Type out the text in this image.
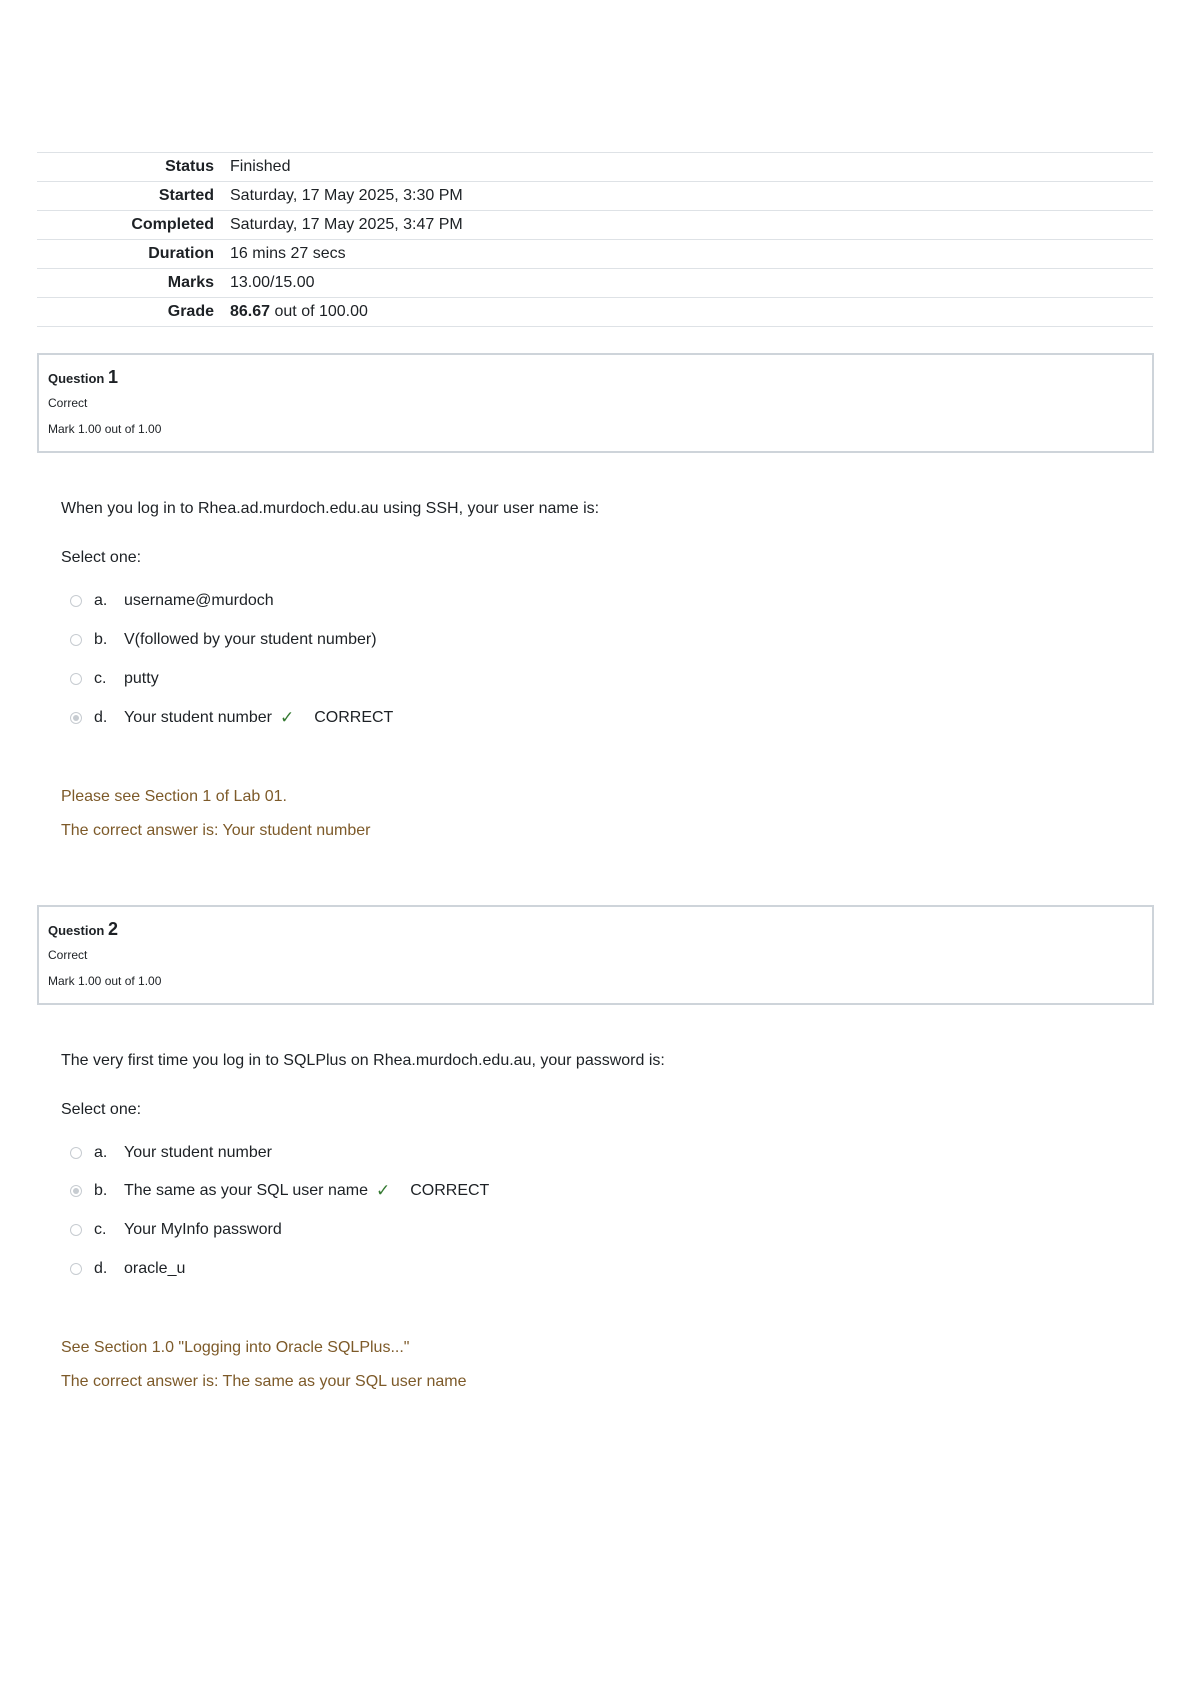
Status	Finished
Started	Saturday, 17 May 2025, 3:30 PM
Completed	Saturday, 17 May 2025, 3:47 PM
Duration	16 mins 27 secs
Marks	13.00/15.00
Grade	86.67 out of 100.00
Question 1
Correct
Mark 1.00 out of 1.00
When you log in to Rhea.ad.murdoch.edu.au using SSH, your user name is:
Select one:
a.	username@murdoch
b.	V(followed by your student number)
c.	putty
d.	Your student number ✓ CORRECT
Please see Section 1 of Lab 01.
The correct answer is: Your student number
Question 2
Correct
Mark 1.00 out of 1.00
The very first time you log in to SQLPlus on Rhea.murdoch.edu.au, your password is:
Select one:
a.	Your student number
b.	The same as your SQL user name ✓ CORRECT
c.	Your MyInfo password
d.	oracle_u
See Section 1.0 "Logging into Oracle SQLPlus..."
The correct answer is: The same as your SQL user name
